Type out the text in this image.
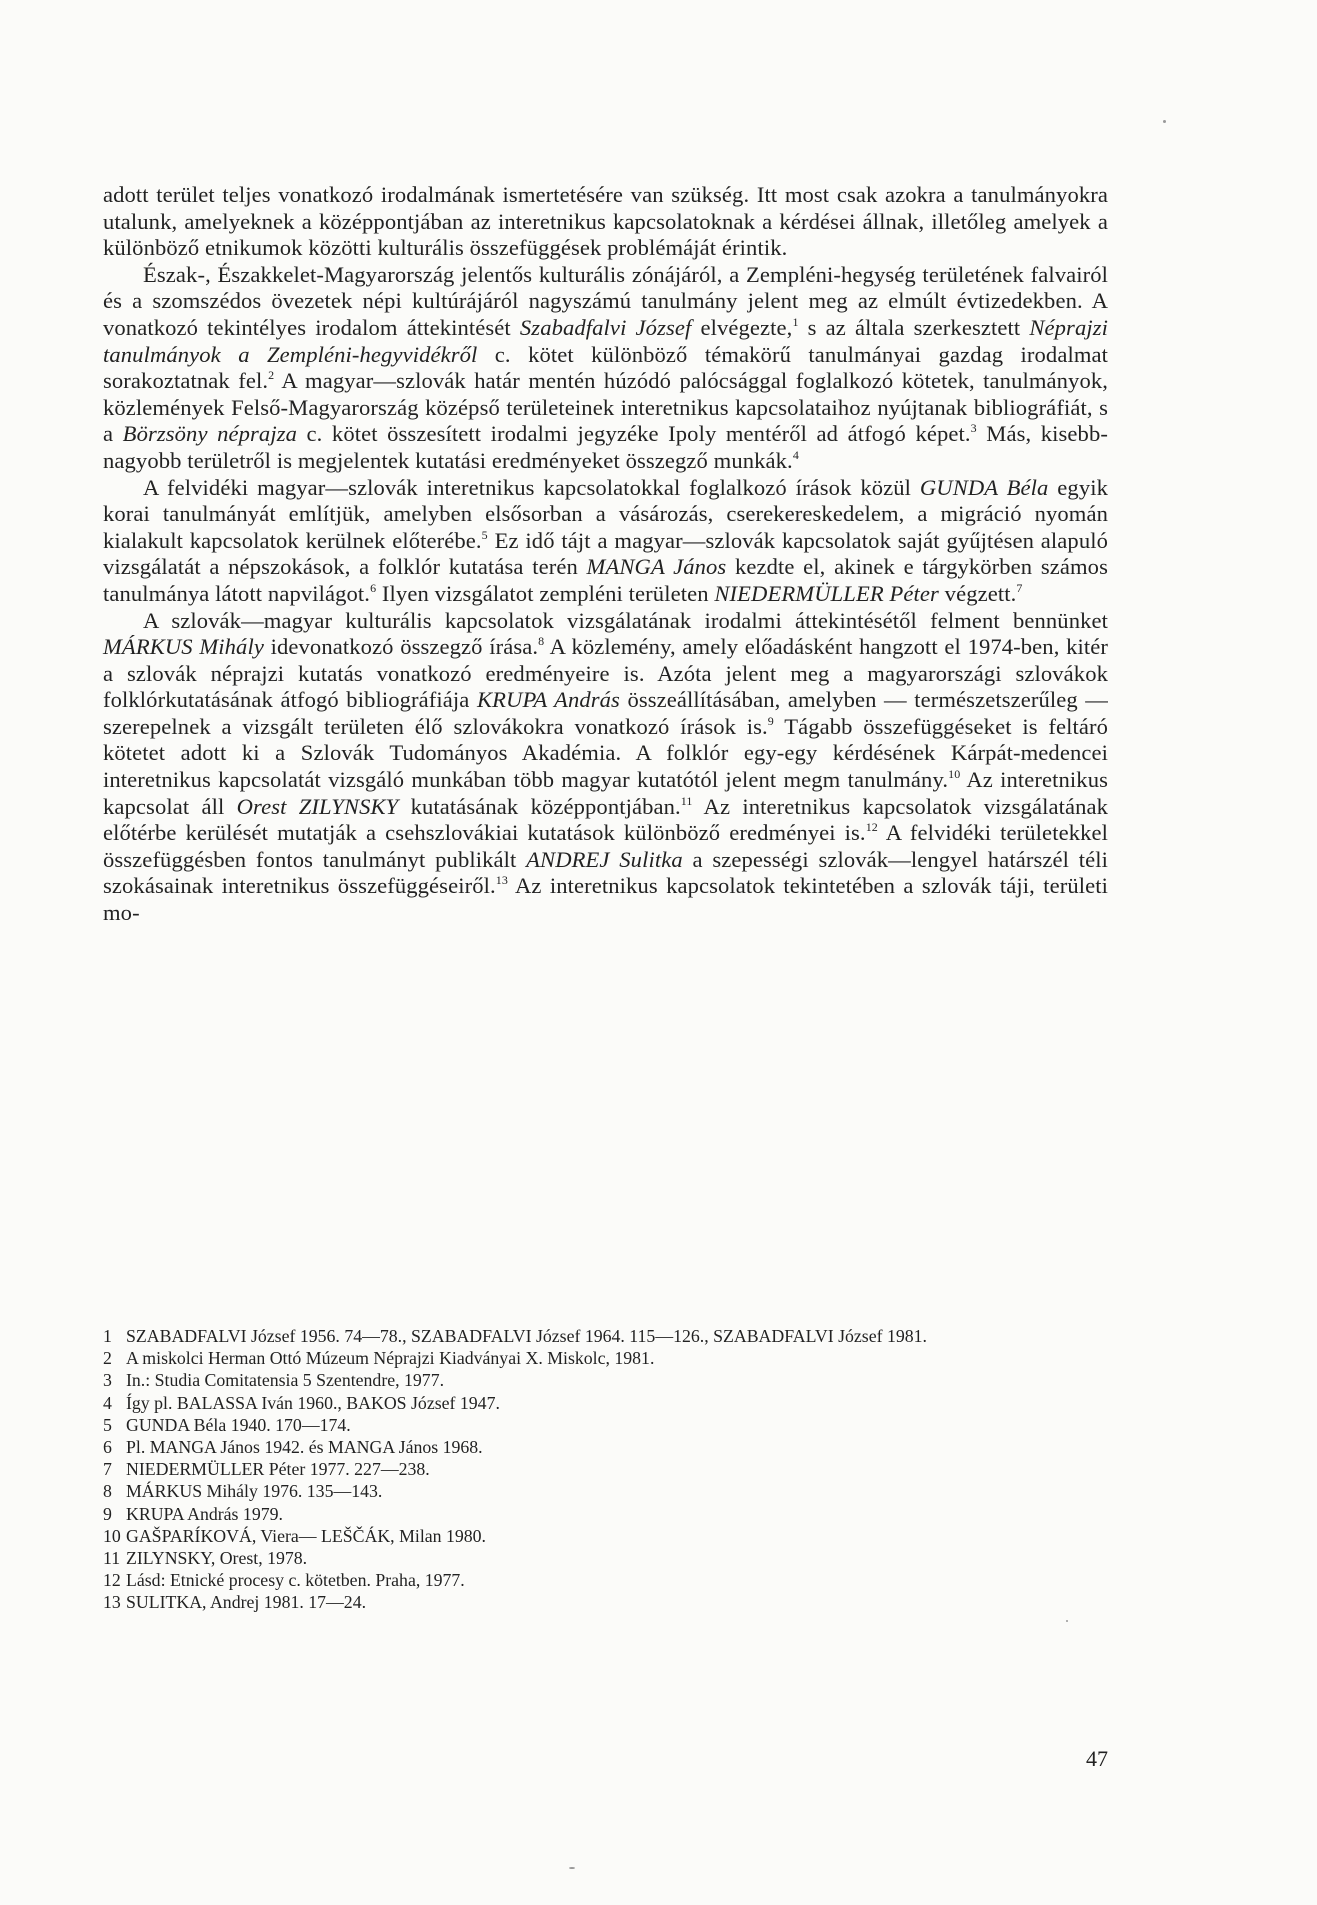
adott terület teljes vonatkozó irodalmának ismertetésére van szükség. Itt most csak azokra a tanulmányokra utalunk, amelyeknek a középpontjában az interetnikus kapcsolatoknak a kérdései állnak, illetőleg amelyek a különböző etnikumok közötti kulturális összefüggések problémáját érintik.

Észak-, Északkelet-Magyarország jelentős kulturális zónájáról, a Zempléni-hegység területének falvairól és a szomszédos övezetek népi kultúrájáról nagyszámú tanulmány jelent meg az elmúlt évtizedekben. A vonatkozó tekintélyes irodalom áttekintését Szabadfalvi József elvégezte,$^1$ s az általa szerkesztett Néprajzi tanulmányok a Zempléni-hegyvidékről c. kötet különböző témakörű tanulmányai gazdag irodalmat sorakoztatnak fel.$^2$ A magyar—szlovák határ mentén húzódó palócsággal foglalkozó kötetek, tanulmányok, közlemények Felső-Magyarország középső területeinek interetnikus kapcsolataihoz nyújtanak bibliográfiát, s a Börzsöny néprajza c. kötet összesített irodalmi jegyzéke Ipoly mentéről ad átfogó képet.$^3$ Más, kisebb-nagyobb területről is megjelentek kutatási eredményeket összegző munkák.$^4$

A felvidéki magyar—szlovák interetnikus kapcsolatokkal foglalkozó írások közül GUNDA Béla egyik korai tanulmányát említjük, amelyben elsősorban a vásározás, cserekereskedelem, a migráció nyomán kialakult kapcsolatok kerülnek előterébe.$^5$ Ez idő tájt a magyar—szlovák kapcsolatok saját gyűjtésen alapuló vizsgálatát a népszokások, a folklór kutatása terén MANGA János kezdte el, akinek e tárgykörben számos tanulmánya látott napvilágot.$^6$ Ilyen vizsgálatot zempléni területen NIEDERMÜLLER Péter végzett.$^7$

A szlovák—magyar kulturális kapcsolatok vizsgálatának irodalmi áttekintésétől felment bennünket MÁRKUS Mihály idevonatkozó összegző írása.$^8$ A közlemény, amely előadásként hangzott el 1974-ben, kitér a szlovák néprajzi kutatás vonatkozó eredményeire is. Azóta jelent meg a magyarországi szlovákok folklórkutatásának átfogó bibliográfiája KRUPA András összeállításában, amelyben — természetszerűleg — szerepelnek a vizsgált területen élő szlovákokra vonatkozó írások is.$^9$ Tágabb összefüggéseket is feltáró kötetet adott ki a Szlovák Tudományos Akadémia. A folklór egy-egy kérdésének Kárpát-medencei interetnikus kapcsolatát vizsgáló munkában több magyar kutatótól jelent megm tanulmány.$^{10}$ Az interetnikus kapcsolat áll Orest ZILYNSKY kutatásának középpontjában.$^{11}$ Az interetnikus kapcsolatok vizsgálatának előtérbe kerülését mutatják a csehszlovákiai kutatások különböző eredményei is.$^{12}$ A felvidéki területekkel összefüggésben fontos tanulmányt publikált ANDREJ Sulitka a szepességi szlovák—lengyel határszél téli szokásainak interetnikus összefüggéseiről.$^{13}$ Az interetnikus kapcsolatok tekintetében a szlovák táji, területi mo-

1 SZABADFALVI József 1956. 74—78., SZABADFALVI József 1964. 115—126., SZABADFALVI József 1981.
2 A miskolci Herman Ottó Múzeum Néprajzi Kiadványai X. Miskolc, 1981.
3 In.: Studia Comitatensia 5 Szentendre, 1977.
4 Így pl. BALASSA Iván 1960., BAKOS József 1947.
5 GUNDA Béla 1940. 170—174.
6 Pl. MANGA János 1942. és MANGA János 1968.
7 NIEDERMÜLLER Péter 1977. 227—238.
8 MÁRKUS Mihály 1976. 135—143.
9 KRUPA András 1979.
10 GAŠPARÍKOVÁ, Viera— LEŠČÁK, Milan 1980.
11 ZILYNSKY, Orest, 1978.
12 Lásd: Etnické procesy c. kötetben. Praha, 1977.
13 SULITKA, Andrej 1981. 17—24.
47
